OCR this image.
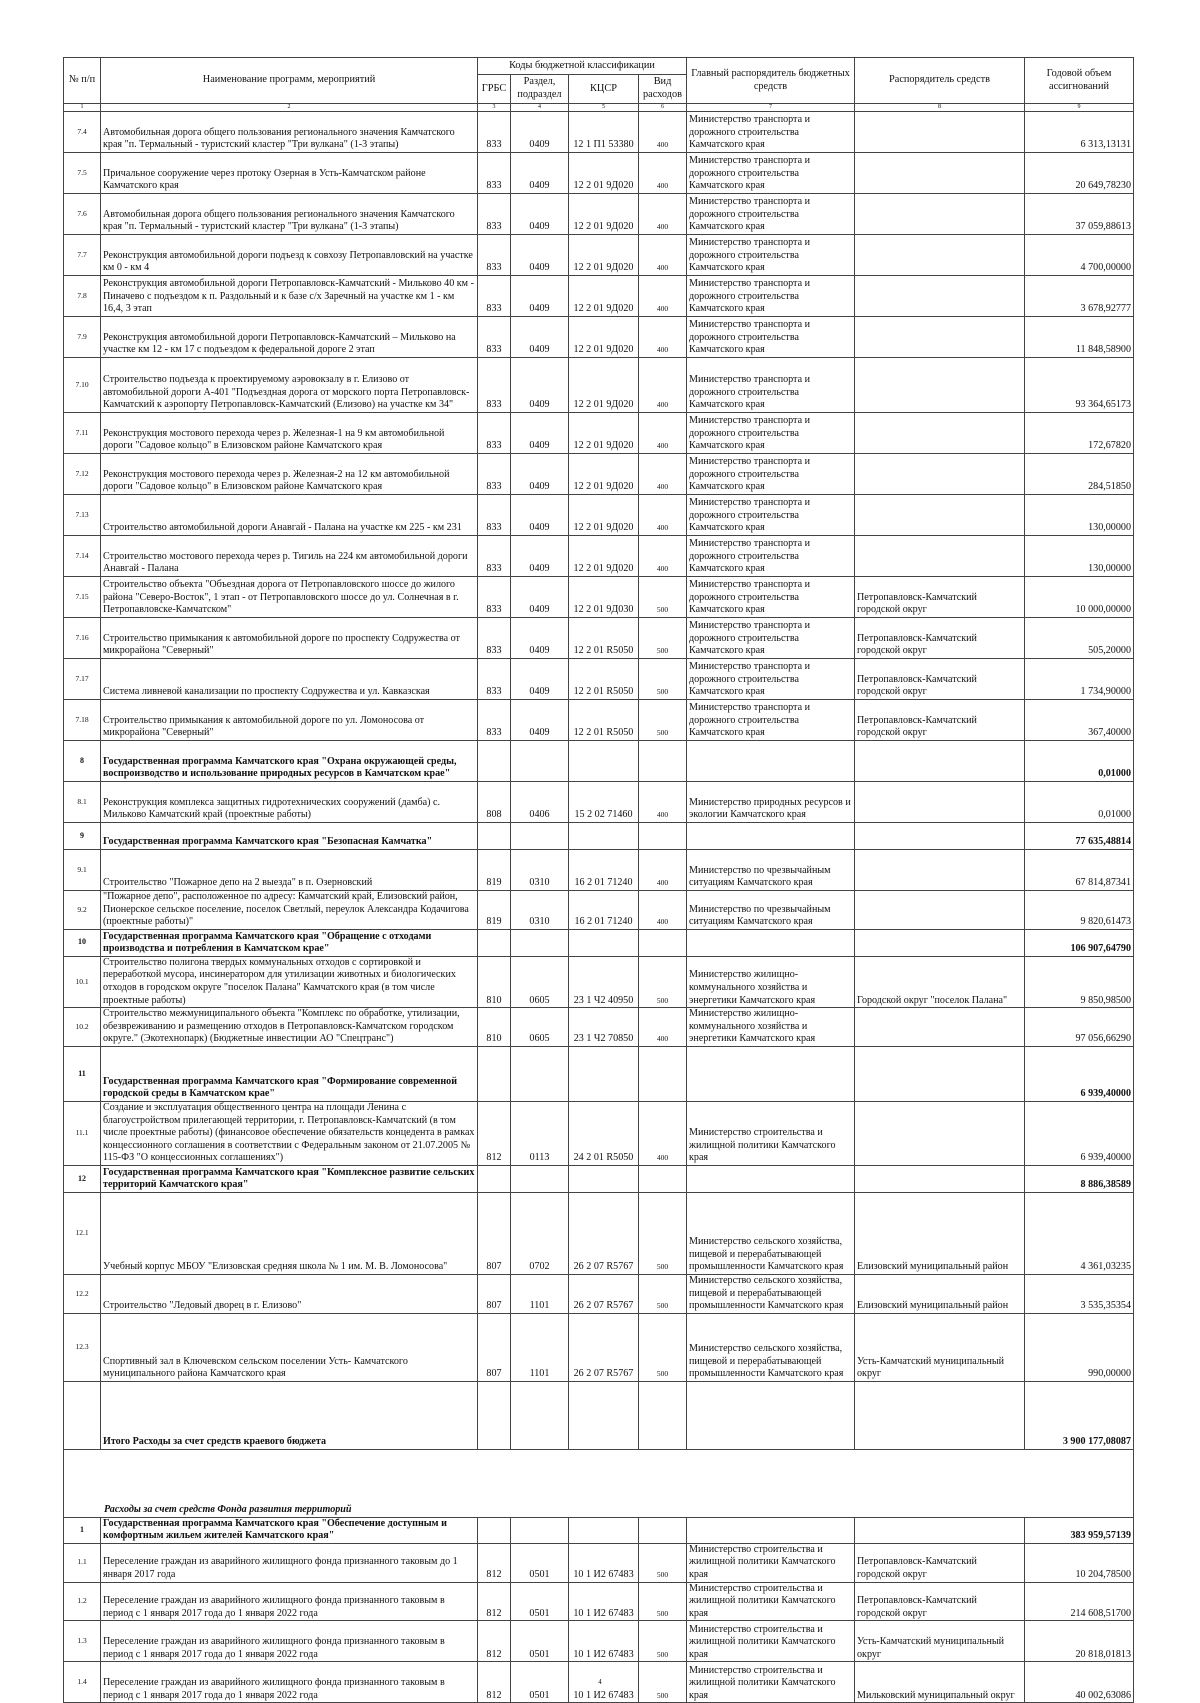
№ п/п	Наименование программ, мероприятий	Коды бюджетной классификации				Главный распорядитель бюджетных средств	Распорядитель средств	Годовой объем ассигнований
		ГРБС	Раздел, подраздел	КЦСР	Вид расходов			
1	2	3	4	5	6	7	8	9
7.4	Автомобильная дорога общего пользования регионального значения Камчатского края "п. Термальный - туристский кластер "Три вулкана" (1-3 этапы)	833	0409	12 1 П1 53380	400	Министерство транспорта и дорожного строительства Камчатского края		6 313,13131
7.5	Причальное сооружение через протоку Озерная в Усть-Камчатском районе Камчатского края	833	0409	12 2 01 9Д020	400	Министерство транспорта и дорожного строительства Камчатского края		20 649,78230
7.6	Автомобильная дорога общего пользования регионального значения Камчатского края "п. Термальный - туристский кластер "Три вулкана" (1-3 этапы)	833	0409	12 2 01 9Д020	400	Министерство транспорта и дорожного строительства Камчатского края		37 059,88613
7.7	Реконструкция автомобильной дороги подъезд к совхозу Петропавловский на участке км 0 - км 4	833	0409	12 2 01 9Д020	400	Министерство транспорта и дорожного строительства Камчатского края		4 700,00000
7.8	Реконструкция автомобильной дороги Петропавловск-Камчатский - Мильково 40 км - Пиначево с подъездом к п. Раздольный и к базе с/х Заречный на участке км 1 - км 16,4, 3 этап	833	0409	12 2 01 9Д020	400	Министерство транспорта и дорожного строительства Камчатского края		3 678,92777
7.9	Реконструкция автомобильной дороги Петропавловск-Камчатский – Мильково на участке км 12 - км 17 с подъездом к федеральной дороге 2 этап	833	0409	12 2 01 9Д020	400	Министерство транспорта и дорожного строительства Камчатского края		11 848,58900
7.10	Строительство подъезда к проектируемому аэровокзалу в г. Елизово от автомобильной дороги А-401 "Подъездная дорога от морского порта Петропавловск-Камчатский к аэропорту Петропавловск-Камчатский (Елизово) на участке км 34"	833	0409	12 2 01 9Д020	400	Министерство транспорта и дорожного строительства Камчатского края		93 364,65173
7.11	Реконструкция мостового перехода через р. Железная-1 на 9 км автомобильной дороги "Садовое кольцо" в Елизовском районе Камчатского края	833	0409	12 2 01 9Д020	400	Министерство транспорта и дорожного строительства Камчатского края		172,67820
7.12	Реконструкция мостового перехода через р. Железная-2 на 12 км автомобильной дороги "Садовое кольцо" в Елизовском районе Камчатского края	833	0409	12 2 01 9Д020	400	Министерство транспорта и дорожного строительства Камчатского края		284,51850
7.13	Строительство автомобильной дороги Анавгай - Палана на участке км 225 - км 231	833	0409	12 2 01 9Д020	400	Министерство транспорта и дорожного строительства Камчатского края		130,00000
7.14	Строительство мостового перехода через р. Тигиль на 224 км автомобильной дороги Анавгай - Палана	833	0409	12 2 01 9Д020	400	Министерство транспорта и дорожного строительства Камчатского края		130,00000
7.15	Строительство объекта "Объездная дорога от Петропавловского шоссе до жилого района "Северо-Восток", 1 этап - от Петропавловского шоссе до ул. Солнечная в г. Петропавловске-Камчатском"	833	0409	12 2 01 9Д030	500	Министерство транспорта и дорожного строительства Камчатского края	Петропавловск-Камчатский городской округ	10 000,00000
7.16	Строительство примыкания к автомобильной дороге по проспекту Содружества от микрорайона "Северный"	833	0409	12 2 01 R5050	500	Министерство транспорта и дорожного строительства Камчатского края	Петропавловск-Камчатский городской округ	505,20000
7.17	Система ливневой канализации по проспекту Содружества и ул. Кавказская	833	0409	12 2 01 R5050	500	Министерство транспорта и дорожного строительства Камчатского края	Петропавловск-Камчатский городской округ	1 734,90000
7.18	Строительство примыкания к автомобильной дороге по ул. Ломоносова от микрорайона "Северный"	833	0409	12 2 01 R5050	500	Министерство транспорта и дорожного строительства Камчатского края	Петропавловск-Камчатский городской округ	367,40000
8	Государственная программа Камчатского края "Охрана окружающей среды, воспроизводство и использование природных ресурсов в Камчатском крае"							0,01000
8.1	Реконструкция комплекса защитных гидротехнических сооружений (дамба) с. Мильково Камчатский край (проектные работы)	808	0406	15 2 02 71460	400	Министерство природных ресурсов и экологии Камчатского края		0,01000
9	Государственная программа Камчатского края "Безопасная Камчатка"							77 635,48814
9.1	Строительство "Пожарное депо на 2 выезда" в п. Озерновский	819	0310	16 2 01 71240	400	Министерство по чрезвычайным ситуациям Камчатского края		67 814,87341
9.2	"Пожарное депо", расположенное по адресу: Камчатский край, Елизовский район, Пионерское сельское поселение, поселок Светлый, переулок Александра Кодачигова (проектные работы)"	819	0310	16 2 01 71240	400	Министерство по чрезвычайным ситуациям Камчатского края		9 820,61473
10	Государственная программа Камчатского края "Обращение с отходами производства и потребления в Камчатском крае"							106 907,64790
10.1	Строительство полигона твердых коммунальных отходов с сортировкой и переработкой мусора, инсинератором для утилизации животных и биологических отходов в городском округе "поселок Палана" Камчатского края (в том числе проектные работы)	810	0605	23 1 Ч2 40950	500	Министерство жилищно-коммунального хозяйства и энергетики Камчатского края	Городской округ "поселок Палана"	9 850,98500
10.2	Строительство межмуниципального объекта "Комплекс по обработке, утилизации, обезвреживанию и размещению отходов в Петропавловск-Камчатском городском округе." (Экотехнопарк) (Бюджетные инвестиции АО "Спецтранс")	810	0605	23 1 Ч2 70850	400	Министерство жилищно-коммунального хозяйства и энергетики Камчатского края		97 056,66290
11	Государственная программа Камчатского края "Формирование современной городской среды в Камчатском крае"							6 939,40000
11.1	Создание и эксплуатация общественного центра на площади Ленина с благоустройством прилегающей территории, г. Петропавловск-Камчатский (в том числе проектные работы) (финансовое обеспечение обязательств концедента в рамках концессионного соглашения в соответствии с Федеральным законом от 21.07.2005 № 115-ФЗ "О концессионных соглашениях")	812	0113	24 2 01 R5050	400	Министерство строительства и жилищной политики Камчатского края		6 939,40000
12	Государственная программа Камчатского края "Комплексное развитие сельских территорий Камчатского края"							8 886,38589
12.1	Учебный корпус МБОУ "Елизовская средняя школа № 1 им. М. В. Ломоносова"	807	0702	26 2 07 R5767	500	Министерство сельского хозяйства, пищевой и перерабатывающей промышленности Камчатского края	Елизовский муниципальный район	4 361,03235
12.2	Строительство "Ледовый дворец в г. Елизово"	807	1101	26 2 07 R5767	500	Министерство сельского хозяйства, пищевой и перерабатывающей промышленности Камчатского края	Елизовский муниципальный район	3 535,35354
12.3	Спортивный зал в Ключевском сельском поселении Усть- Камчатского муниципального района Камчатского края	807	1101	26 2 07 R5767	500	Министерство сельского хозяйства, пищевой и перерабатывающей промышленности Камчатского края	Усть-Камчатский муниципальный округ	990,00000
	Итого Расходы за счет средств краевого бюджета							3 900 177,08087
Расходы за счет средств Фонда развития территорий								
1	Государственная программа Камчатского края "Обеспечение доступным и комфортным жильем жителей Камчатского края"							383 959,57139
1.1	Переселение граждан из аварийного жилищного фонда признанного таковым до 1 января 2017 года	812	0501	10 1 И2 67483	500	Министерство строительства и жилищной политики Камчатского края	Петропавловск-Камчатский городской округ	10 204,78500
1.2	Переселение граждан из аварийного жилищного фонда признанного таковым в период с 1 января 2017 года до 1 января 2022 года	812	0501	10 1 И2 67483	500	Министерство строительства и жилищной политики Камчатского края	Петропавловск-Камчатский городской округ	214 608,51700
1.3	Переселение граждан из аварийного жилищного фонда признанного таковым в период с 1 января 2017 года до 1 января 2022 года	812	0501	10 1 И2 67483	500	Министерство строительства и жилищной политики Камчатского края	Усть-Камчатский муниципальный округ	20 818,01813
1.4	Переселение граждан из аварийного жилищного фонда признанного таковым в период с 1 января 2017 года до 1 января 2022 года	812	0501	10 1 И2 67483	500	Министерство строительства и жилищной политики Камчатского края	Мильковский муниципальный округ	40 002,63086
4
